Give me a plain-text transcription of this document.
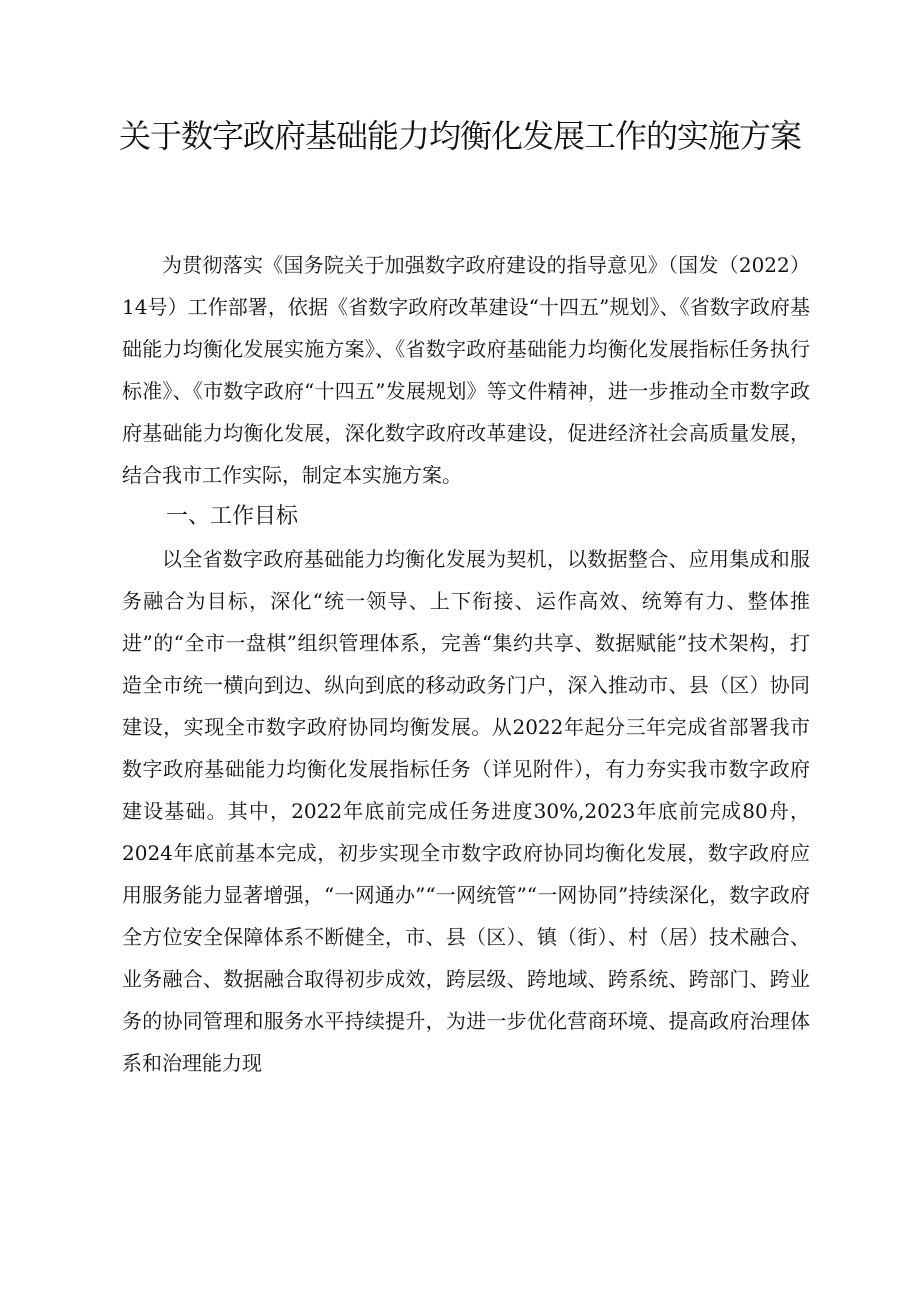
关于数字政府基础能力均衡化发展工作的实施方案

为贯彻落实《国务院关于加强数字政府建设的指导意见》（国发（2022）14号）工作部署，依据《省数字政府改革建设“十四五”规划》、《省数字政府基础能力均衡化发展实施方案》、《省数字政府基础能力均衡化发展指标任务执行标准》、《市数字政府“十四五”发展规划》等文件精神，进一步推动全市数字政府基础能力均衡化发展，深化数字政府改革建设，促进经济社会高质量发展，结合我市工作实际，制定本实施方案。

一、工作目标

以全省数字政府基础能力均衡化发展为契机，以数据整合、应用集成和服务融合为目标，深化“统一领导、上下衔接、运作高效、统筹有力、整体推进”的“全市一盘棋”组织管理体系，完善“集约共享、数据赋能”技术架构，打造全市统一横向到边、纵向到底的移动政务门户，深入推动市、县（区）协同建设，实现全市数字政府协同均衡发展。从2022年起分三年完成省部署我市数字政府基础能力均衡化发展指标任务（详见附件），有力夯实我市数字政府建设基础。其中，2022年底前完成任务进度30%,2023年底前完成80舟，2024年底前基本完成，初步实现全市数字政府协同均衡化发展，数字政府应用服务能力显著增强，“一网通办”“一网统管”“一网协同”持续深化，数字政府全方位安全保障体系不断健全，市、县（区）、镇（街）、村（居）技术融合、业务融合、数据融合取得初步成效，跨层级、跨地域、跨系统、跨部门、跨业务的协同管理和服务水平持续提升，为进一步优化营商环境、提高政府治理体系和治理能力现
